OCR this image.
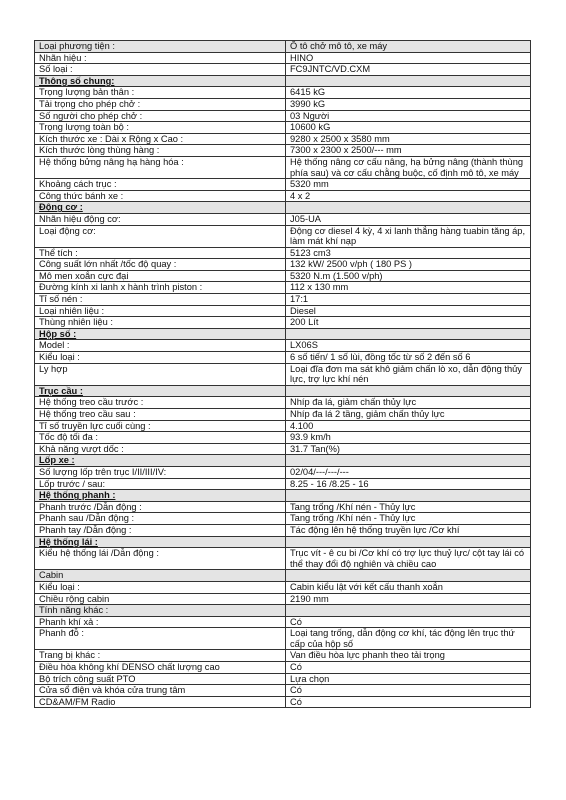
Loại phương tiện :	Ô tô chở mô tô, xe máy
Nhãn hiệu :	HINO
Số loại :	FC9JNTC/VD.CXM
Thông số chung:	
Trọng lượng bản thân :	6415 kG
Tải trọng cho phép chở :	3990 kG
Số người cho phép chở :	03 Người
Trọng lượng toàn bộ :	10600 kG
Kích thước xe : Dài x Rộng x Cao :	9280 x 2500 x 3580 mm
Kích thước lòng thùng hàng :	7300 x 2300 x 2500/--- mm
Hệ thống bửng nâng hạ hàng hóa :	Hệ thống nâng cơ cấu nâng, hạ bửng nâng (thành thùng phía sau) và cơ cấu chằng buộc, cố định mô tô, xe máy
Khoảng cách trục :	5320 mm
Công thức bánh xe :	4 x 2
Động cơ :	
Nhãn hiệu động cơ:	J05-UA
Loại động cơ:	Động cơ diesel 4 kỳ, 4 xi lanh thẳng hàng tuabin tăng áp, làm mát khí nạp
Thể tích :	5123 cm3
Công suất lớn nhất /tốc độ quay :	132 kW/ 2500 v/ph ( 180 PS )
Mô men xoắn cực đại	5320 N.m (1.500 v/ph)
Đường kính xi lanh x hành trình piston :	112 x 130 mm
Tỉ số nén :	17:1
Loại nhiên liệu :	Diesel
Thùng nhiên liệu :	200 Lít
Hộp số :	
Model :	LX06S
Kiểu loại :	6 số tiến/ 1 số lùi, đồng tốc từ số 2 đến số 6
Ly hợp	Loại đĩa đơn ma sát khô giảm chấn lò xo, dẫn động thủy lực, trợ lực khí nén
Trục cầu :	
Hệ thống treo cầu trước :	Nhíp đa lá, giảm chấn thủy lực
Hệ thống treo cầu sau :	Nhíp đa lá 2 tầng, giảm chấn thủy lực
Tỉ số truyền lực cuối cùng :	4.100
Tốc độ tối đa :	93.9 km/h
Khả năng vượt dốc :	31.7 Tan(%)
Lốp xe :	
Số lượng lốp trên trục I/II/III/IV:	02/04/---/---/---
Lốp trước / sau:	8.25 - 16 /8.25 - 16
Hệ thống phanh :	
Phanh trước /Dẫn động :	Tang trống /Khí nén - Thủy lực
Phanh sau /Dẫn động :	Tang trống /Khí nén - Thủy lực
Phanh tay /Dẫn động :	Tác động lên hệ thống truyền lực /Cơ khí
Hệ thống lái :	
Kiểu hệ thống lái /Dẫn động :	Trục vít - ê cu bi /Cơ khí có trợ lực thuỷ lực/ cột tay lái có thể thay đổi độ nghiên và chiều cao
Cabin	
Kiểu loại :	Cabin kiểu lật với kết cấu thanh xoắn
Chiều rộng cabin	2190 mm
Tính năng khác :	
Phanh khí xả :	Có
Phanh đỗ :	Loại tang trống, dẫn động cơ khí, tác động lên trục thứ cấp của hộp số
Trang bị khác :	Van điều hòa lực phanh theo tải trọng
Điều hòa không khí DENSO chất lượng cao	Có
Bộ trích công suất PTO	Lựa chọn
Cửa sổ điện và khóa cửa trung tâm	Có
CD&AM/FM Radio	Có
